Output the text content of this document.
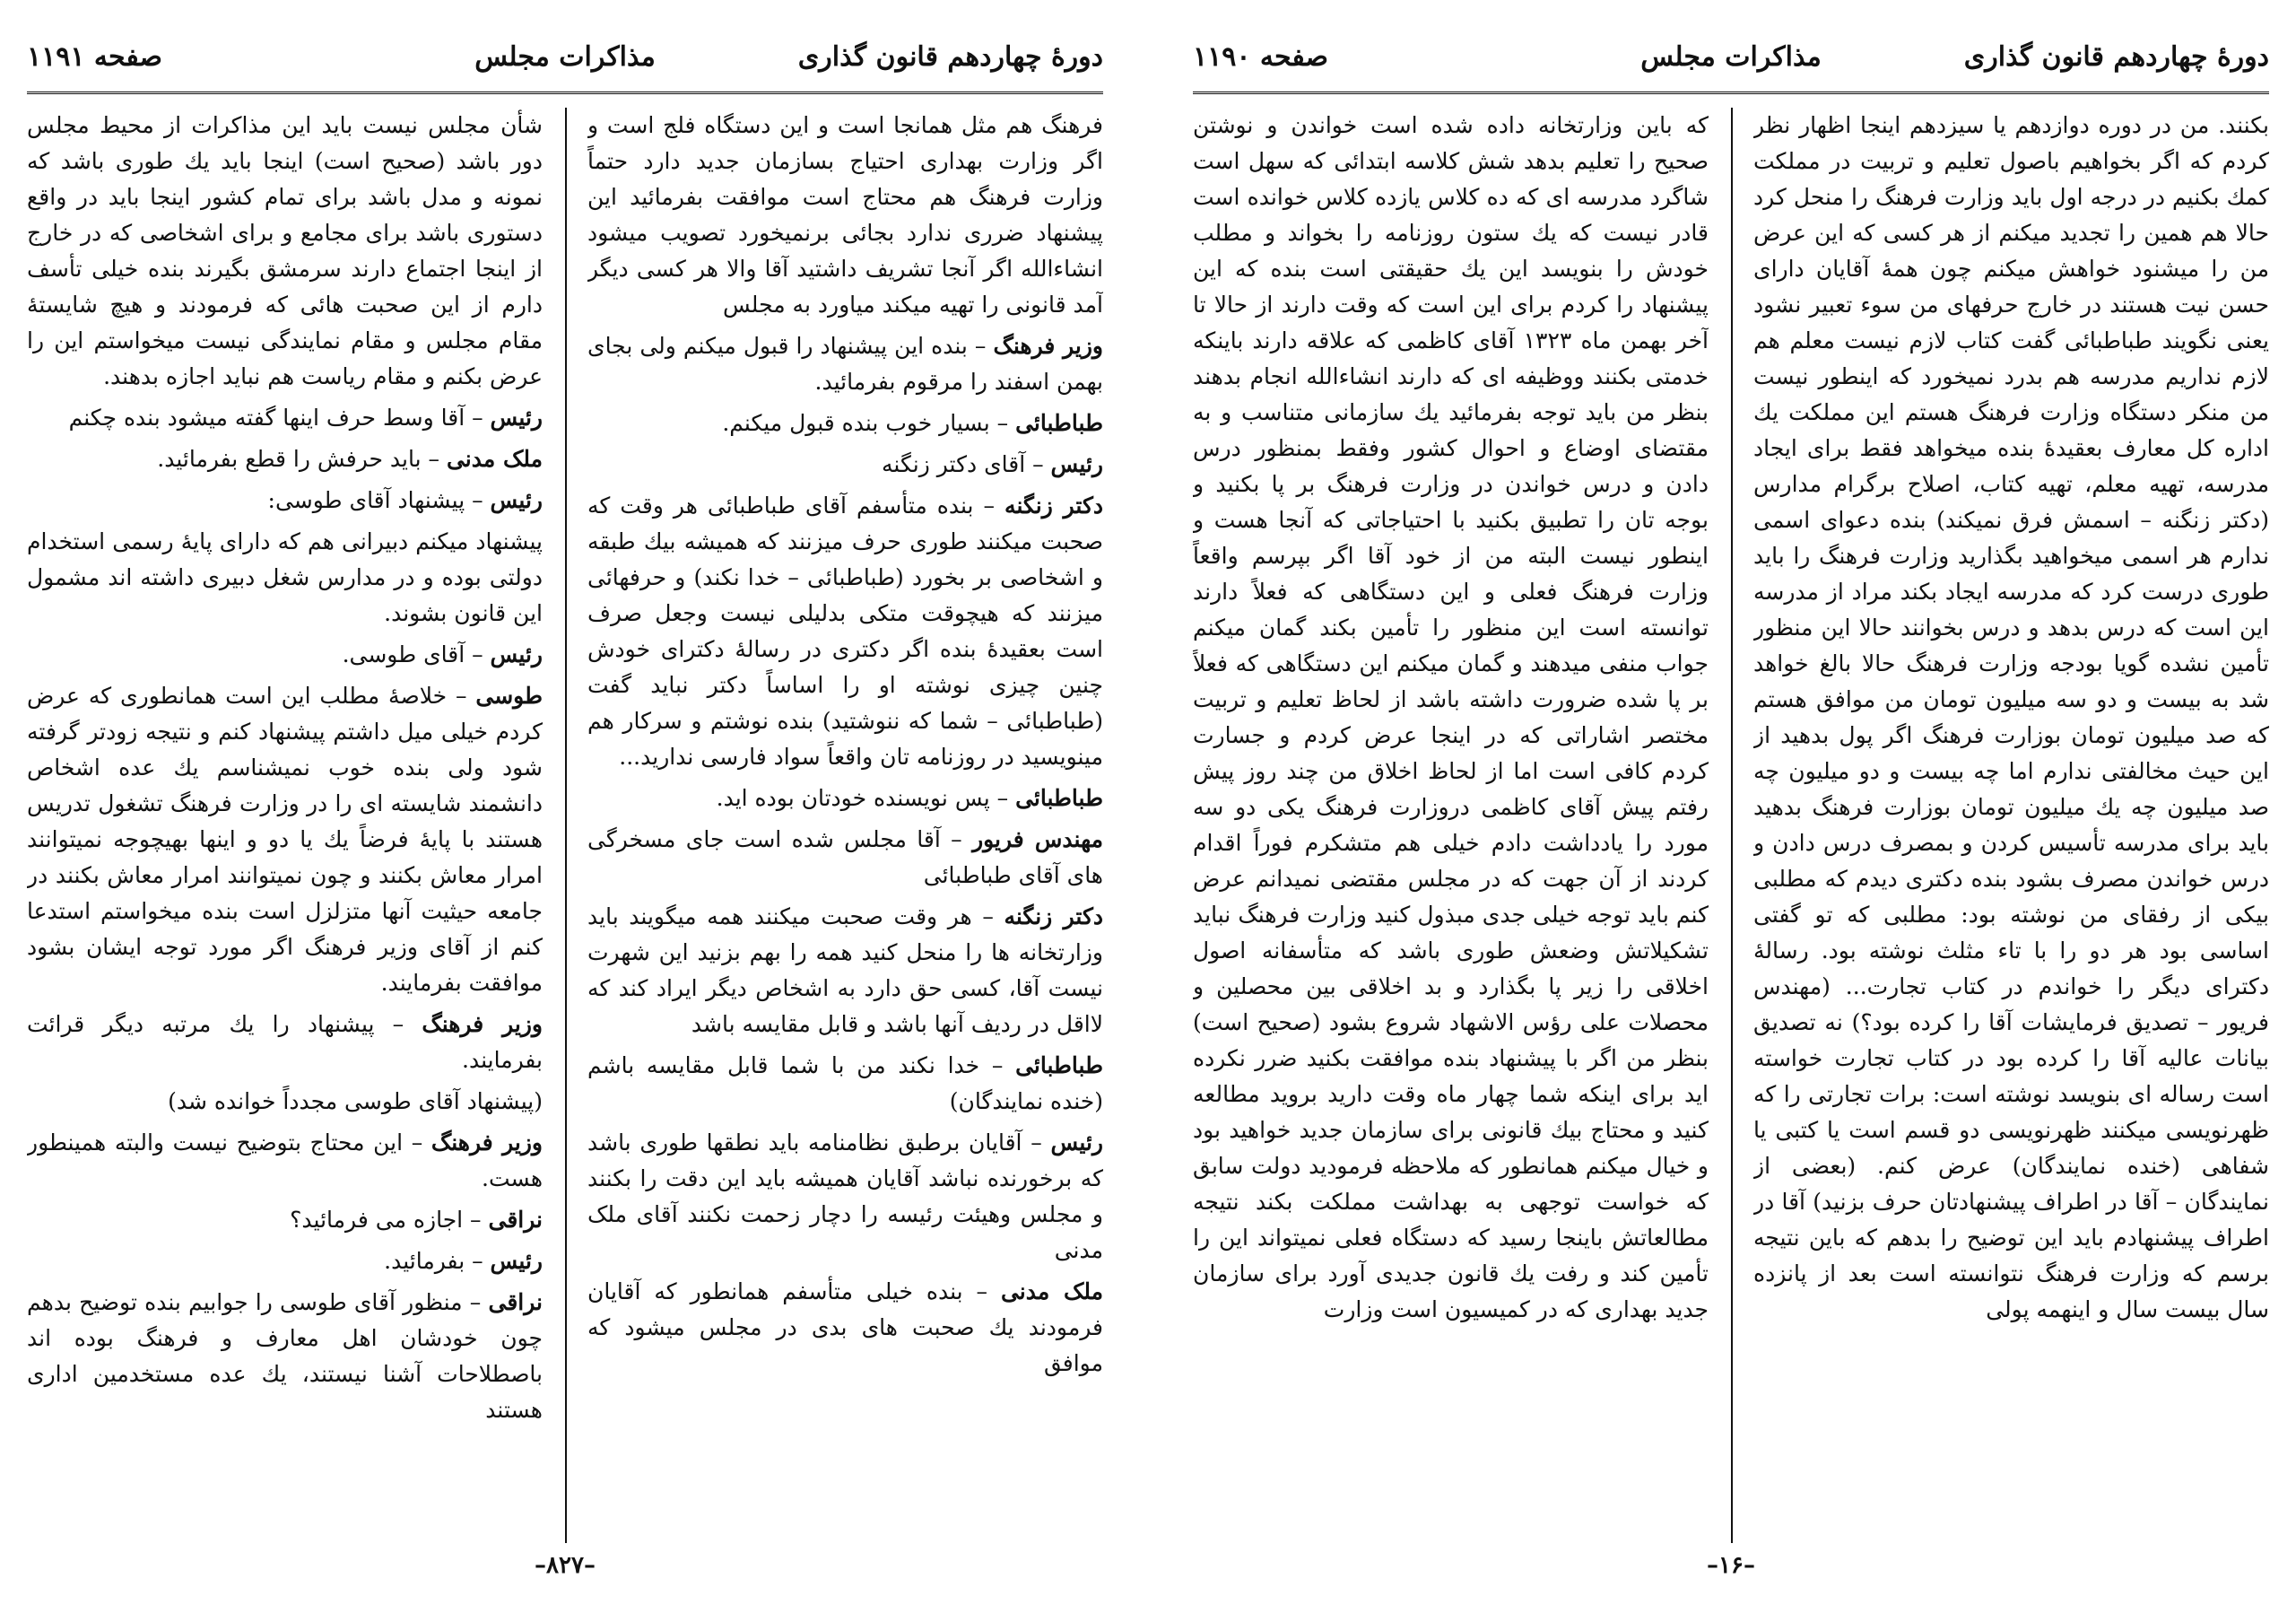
دورهٔ چهاردهم قانون گذاری
مذاکرات مجلس
صفحه ۱۱۹۱

فرهنگ هم مثل همانجا است و این دستگاه فلج است و اگر وزارت بهداری احتیاج بسازمان جدید دارد حتماً وزارت فرهنگ هم محتاج است موافقت بفرمائید این پیشنهاد ضرری ندارد بجائی برنمیخورد تصویب میشود انشاءالله اگر آنجا تشریف داشتید آقا والا هر کسی دیگر آمد قانونی را تهیه میکند میاورد به مجلس

وزیر فرهنگ – بنده این پیشنهاد را قبول میکنم ولی بجای بهمن اسفند را مرقوم بفرمائید.

طباطبائی – بسیار خوب بنده قبول میکنم.

رئیس – آقای دکتر زنگنه

دکتر زنگنه – بنده متأسفم آقای طباطبائی هر وقت که صحبت میکنند طوری حرف میزنند که همیشه بیك طبقه و اشخاصی بر بخورد (طباطبائی – خدا نکند) و حرفهائی میزنند که هیچوقت متکی بدلیلی نیست وجعل صرف است بعقیدهٔ بنده اگر دکتری در رسالهٔ دکترای خودش چنین چیزی نوشته او را اساساً دکتر نباید گفت (طباطبائی – شما که ننوشتید) بنده نوشتم و سرکار هم مینویسید در روزنامه تان واقعاً سواد فارسی ندارید...

طباطبائی – پس نویسنده خودتان بوده اید.

مهندس فریور – آقا مجلس شده است جای مسخرگی های آقای طباطبائی

دکتر زنگنه – هر وقت صحبت میکنند همه میگویند باید وزارتخانه ها را منحل کنید همه را بهم بزنید این شهرت نیست آقا، کسی حق دارد به اشخاص دیگر ایراد کند که لااقل در ردیف آنها باشد و قابل مقایسه باشد

طباطبائی – خدا نکند من با شما قابل مقایسه باشم (خنده نمایندگان)

رئیس – آقایان برطبق نظامنامه باید نطقها طوری باشد که برخورنده نباشد آقایان همیشه باید این دقت را بکنند و مجلس وهیئت رئیسه را دچار زحمت نکنند آقای ملک مدنی

ملک مدنی – بنده خیلی متأسفم همانطور که آقایان فرمودند یك صحبت های بدی در مجلس میشود که موافق

شأن مجلس نیست باید این مذاکرات از محیط مجلس دور باشد (صحیح است) اینجا باید یك طوری باشد که نمونه و مدل باشد برای تمام کشور اینجا باید در واقع دستوری باشد برای مجامع و برای اشخاصی که در خارج از اینجا اجتماع دارند سرمشق بگیرند بنده خیلی تأسف دارم از این صحبت هائی که فرمودند و هیچ شایستهٔ مقام مجلس و مقام نمایندگی نیست میخواستم این را عرض بکنم و مقام ریاست هم نباید اجازه بدهند.

رئیس – آقا وسط حرف اینها گفته میشود بنده چکنم

ملک مدنی – باید حرفش را قطع بفرمائید.

رئیس – پیشنهاد آقای طوسی:

پیشنهاد میکنم دبیرانی هم که دارای پایهٔ رسمی استخدام دولتی بوده و در مدارس شغل دبیری داشته اند مشمول این قانون بشوند.

رئیس – آقای طوسی.

طوسی – خلاصهٔ مطلب این است همانطوری که عرض کردم خیلی میل داشتم پیشنهاد کنم و نتیجه زودتر گرفته شود ولی بنده خوب نمیشناسم یك عده اشخاص دانشمند شایسته ای را در وزارت فرهنگ تشغول تدریس هستند با پایهٔ فرضاً یك یا دو و اینها بهیچوجه نمیتوانند امرار معاش بکنند و چون نمیتوانند امرار معاش بکنند در جامعه حیثیت آنها متزلزل است بنده میخواستم استدعا کنم از آقای وزیر فرهنگ اگر مورد توجه ایشان بشود موافقت بفرمایند.

وزیر فرهنگ – پیشنهاد را یك مرتبه دیگر قرائت بفرمایند.

(پیشنهاد آقای طوسی مجدداً خوانده شد)

وزیر فرهنگ – این محتاج بتوضیح نیست والبته همینطور هست.

نراقی – اجازه می فرمائید؟

رئیس – بفرمائید.

نراقی – منظور آقای طوسی را جوابیم بنده توضیح بدهم چون خودشان اهل معارف و فرهنگ بوده اند باصطلاحات آشنا نیستند، یك عده مستخدمین اداری هستند

–۸۲۷–
دورهٔ چهاردهم قانون گذاری
مذاکرات مجلس
صفحه ۱۱۹۰

بکنند. من در دوره دوازدهم یا سیزدهم اینجا اظهار نظر کردم که اگر بخواهیم باصول تعلیم و تربیت در مملکت کمك بکنیم در درجه اول باید وزارت فرهنگ را منحل کرد حالا هم همین را تجدید میکنم از هر کسی که این عرض من را میشنود خواهش میکنم چون همهٔ آقایان دارای حسن نیت هستند در خارج حرفهای من سوء تعبیر نشود یعنی نگویند طباطبائی گفت کتاب لازم نیست معلم هم لازم نداریم مدرسه هم بدرد نمیخورد که اینطور نیست من منکر دستگاه وزارت فرهنگ هستم این مملکت یك اداره کل معارف بعقیدهٔ بنده میخواهد فقط برای ایجاد مدرسه، تهیه معلم، تهیه کتاب، اصلاح برگرام مدارس (دکتر زنگنه – اسمش فرق نمیکند) بنده دعوای اسمی ندارم هر اسمی میخواهید بگذارید وزارت فرهنگ را باید طوری درست کرد که مدرسه ایجاد بکند مراد از مدرسه این است که درس بدهد و درس بخوانند حالا این منظور تأمین نشده گویا بودجه وزارت فرهنگ حالا بالغ خواهد شد به بیست و دو سه میلیون تومان من موافق هستم که صد میلیون تومان بوزارت فرهنگ اگر پول بدهید از این حیث مخالفتی ندارم اما چه بیست و دو میلیون چه صد میلیون چه یك میلیون تومان بوزارت فرهنگ بدهید باید برای مدرسه تأسیس کردن و بمصرف درس دادن و درس خواندن مصرف بشود بنده دکتری دیدم که مطلبی بیکی از رفقای من نوشته بود: مطلبی که تو گفتی اساسی بود هر دو را با تاء مثلث نوشته بود. رسالهٔ دکترای دیگر را خواندم در کتاب تجارت... (مهندس فریور – تصدیق فرمایشات آقا را کرده بود؟) نه تصدیق بیانات عالیه آقا را کرده بود در کتاب تجارت خواسته است رساله ای بنویسد نوشته است: برات تجارتی را که ظهرنویسی میکنند ظهرنویسی دو قسم است یا کتبی یا شفاهی (خنده نمایندگان) عرض کنم. (بعضی از نمایندگان – آقا در اطراف پیشنهادتان حرف بزنید) آقا در اطراف پیشنهادم باید این توضیح را بدهم که باین نتیجه برسم که وزارت فرهنگ نتوانسته است بعد از پانزده سال بیست سال و اینهمه پولی

که باین وزارتخانه داده شده است خواندن و نوشتن صحیح را تعلیم بدهد شش کلاسه ابتدائی که سهل است شاگرد مدرسه ای که ده کلاس یازده کلاس خوانده است قادر نیست که یك ستون روزنامه را بخواند و مطلب خودش را بنویسد این یك حقیقتی است بنده که این پیشنهاد را کردم برای این است که وقت دارند از حالا تا آخر بهمن ماه ۱۳۲۳ آقای کاظمی که علاقه دارند باینکه خدمتی بکنند ووظیفه ای که دارند انشاءالله انجام بدهند بنظر من باید توجه بفرمائید یك سازمانی متناسب و به مقتضای اوضاع و احوال کشور وفقط بمنظور درس دادن و درس خواندن در وزارت فرهنگ بر پا بکنید و بوجه تان را تطبیق بکنید با احتیاجاتی که آنجا هست و اینطور نیست البته من از خود آقا اگر بپرسم واقعاً وزارت فرهنگ فعلی و این دستگاهی که فعلاً دارند توانسته است این منظور را تأمین بکند گمان میکنم جواب منفی میدهند و گمان میکنم این دستگاهی که فعلاً بر پا شده ضرورت داشته باشد از لحاظ تعلیم و تربیت مختصر اشاراتی که در اینجا عرض کردم و جسارت کردم کافی است اما از لحاظ اخلاق من چند روز پیش رفتم پیش آقای کاظمی دروزارت فرهنگ یکی دو سه مورد را یادداشت دادم خیلی هم متشکرم فوراً اقدام کردند از آن جهت که در مجلس مقتضی نمیدانم عرض کنم باید توجه خیلی جدی مبذول کنید وزارت فرهنگ نباید تشکیلاتش وضعش طوری باشد که متأسفانه اصول اخلاقی را زیر پا بگذارد و بد اخلاقی بین محصلین و محصلات علی رؤس الاشهاد شروع بشود (صحیح است) بنظر من اگر با پیشنهاد بنده موافقت بکنید ضرر نکرده اید برای اینکه شما چهار ماه وقت دارید بروید مطالعه کنید و محتاج بیك قانونی برای سازمان جدید خواهید بود و خیال میکنم همانطور که ملاحظه فرمودید دولت سابق که خواست توجهی به بهداشت مملکت بکند نتیجه مطالعاتش باینجا رسید که دستگاه فعلی نمیتواند این را تأمین کند و رفت یك قانون جدیدی آورد برای سازمان جدید بهداری که در کمیسیون است وزارت

–۱۶–
